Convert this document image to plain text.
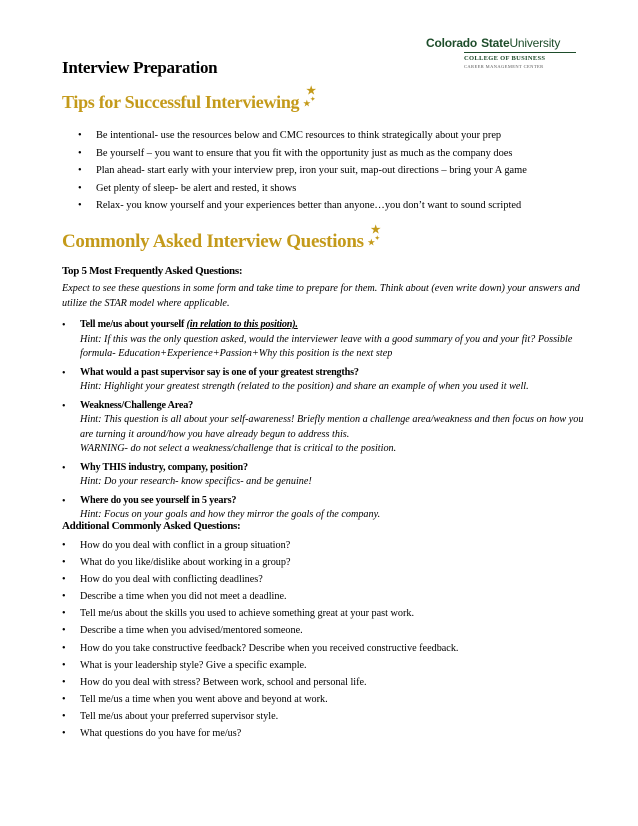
Colorado State University
COLLEGE OF BUSINESS
CAREER MANAGEMENT CENTER
Interview Preparation
Tips for Successful Interviewing
★
✦
★
•	Be intentional- use the resources below and CMC resources to think strategically about your prep
•	Be yourself – you want to ensure that you fit with the opportunity just as much as the company does
•	Plan ahead- start early with your interview prep, iron your suit, map-out directions – bring your A game
•	Get plenty of sleep- be alert and rested, it shows
•	Relax- you know yourself and your experiences better than anyone…you don’t want to sound scripted
Commonly Asked Interview Questions
★
✦
★
Top 5 Most Frequently Asked Questions:
Expect to see these questions in some form and take time to prepare for them. Think about (even write down) your answers and utilize the STAR model where applicable.
•	Tell me/us about yourself (in relation to this position).
Hint: If this was the only question asked, would the interviewer leave with a good summary of you and your fit? Possible formula- Education+Experience+Passion+Why this position is the next step
•	What would a past supervisor say is one of your greatest strengths?
Hint: Highlight your greatest strength (related to the position) and share an example of when you used it well.
•	Weakness/Challenge Area?
Hint: This question is all about your self-awareness! Briefly mention a challenge area/weakness and then focus on how you are turning it around/how you have already begun to address this.
WARNING- do not select a weakness/challenge that is critical to the position.
•	Why THIS industry, company, position?
Hint: Do your research- know specifics- and be genuine!
•	Where do you see yourself in 5 years?
Hint: Focus on your goals and how they mirror the goals of the company.
Additional Commonly Asked Questions:
•	How do you deal with conflict in a group situation?
•	What do you like/dislike about working in a group?
•	How do you deal with conflicting deadlines?
•	Describe a time when you did not meet a deadline.
•	Tell me/us about the skills you used to achieve something great at your past work.
•	Describe a time when you advised/mentored someone.
•	How do you take constructive feedback? Describe when you received constructive feedback.
•	What is your leadership style? Give a specific example.
•	How do you deal with stress? Between work, school and personal life.
•	Tell me/us a time when you went above and beyond at work.
•	Tell me/us about your preferred supervisor style.
•	What questions do you have for me/us?
